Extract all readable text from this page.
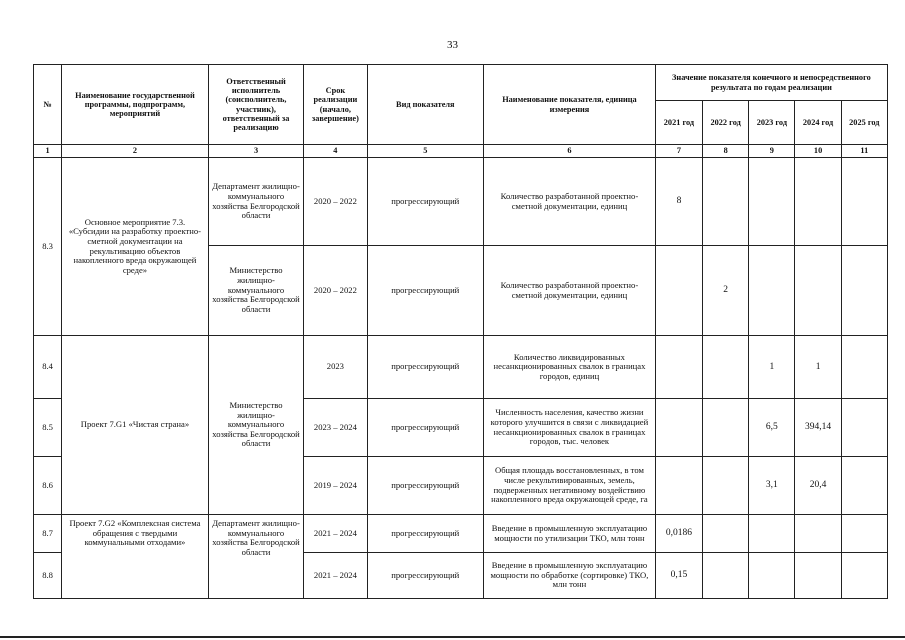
33
№	Наименование государственной программы, подпрограмм, мероприятий	Ответственный исполнитель (соисполнитель, участник), ответственный за реализацию	Срок реализации (начало, завершение)	Вид показателя	Наименование показателя, единица измерения	Значение показателя конечного и непосредственного результата по годам реализации				
						2021 год	2022 год	2023 год	2024 год	2025 год
1	2	3	4	5	6	7	8	9	10	11
8.3	Основное мероприятие 7.3. «Субсидии на разработку проектно-сметной документации на рекультивацию объектов накопленного вреда окружающей среде»	Департамент жилищно-коммунального хозяйства Белгородской области	2020 – 2022	прогрессирующий	Количество разработанной проектно-сметной документации, единиц	8				
		Министерство жилищно-коммунального хозяйства Белгородской области	2020 – 2022	прогрессирующий	Количество разработанной проектно-сметной документации, единиц		2			
8.4	Проект 7.G1 «Чистая страна»	Министерство жилищно-коммунального хозяйства Белгородской области	2023	прогрессирующий	Количество ликвидированных несанкционированных свалок в границах городов, единиц			1	1	
8.5			2023 – 2024	прогрессирующий	Численность населения, качество жизни которого улучшится в связи с ликвидацией несанкционированных свалок в границах городов, тыс. человек			6,5	394,14	
8.6			2019 – 2024	прогрессирующий	Общая площадь восстановленных, в том числе рекультивированных, земель, подверженных негативному воздействию накопленного вреда окружающей среде, га			3,1	20,4	
8.7	Проект 7.G2 «Комплексная система обращения с твердыми коммунальными отходами»	Департамент жилищно-коммунального хозяйства Белгородской области	2021 – 2024	прогрессирующий	Введение в промышленную эксплуатацию мощности по утилизации ТКО, млн тонн	0,0186				
8.8			2021 – 2024	прогрессирующий	Введение в промышленную эксплуатацию мощности по обработке (сортировке) ТКО, млн тонн	0,15				
